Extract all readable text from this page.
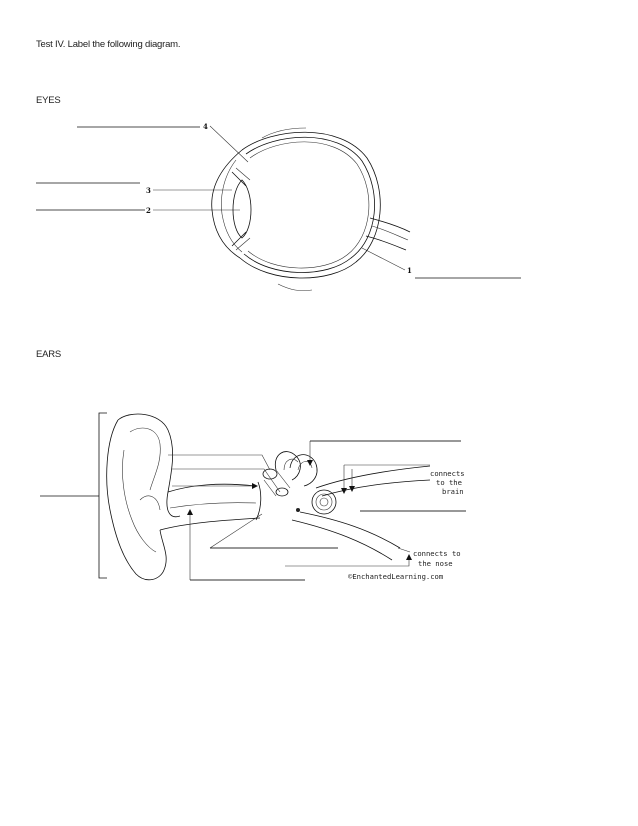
Test IV. Label the following diagram.
EYES
4
3
2
1
EARS
connects
to the
brain
connects to
the nose
©EnchantedLearning.com
